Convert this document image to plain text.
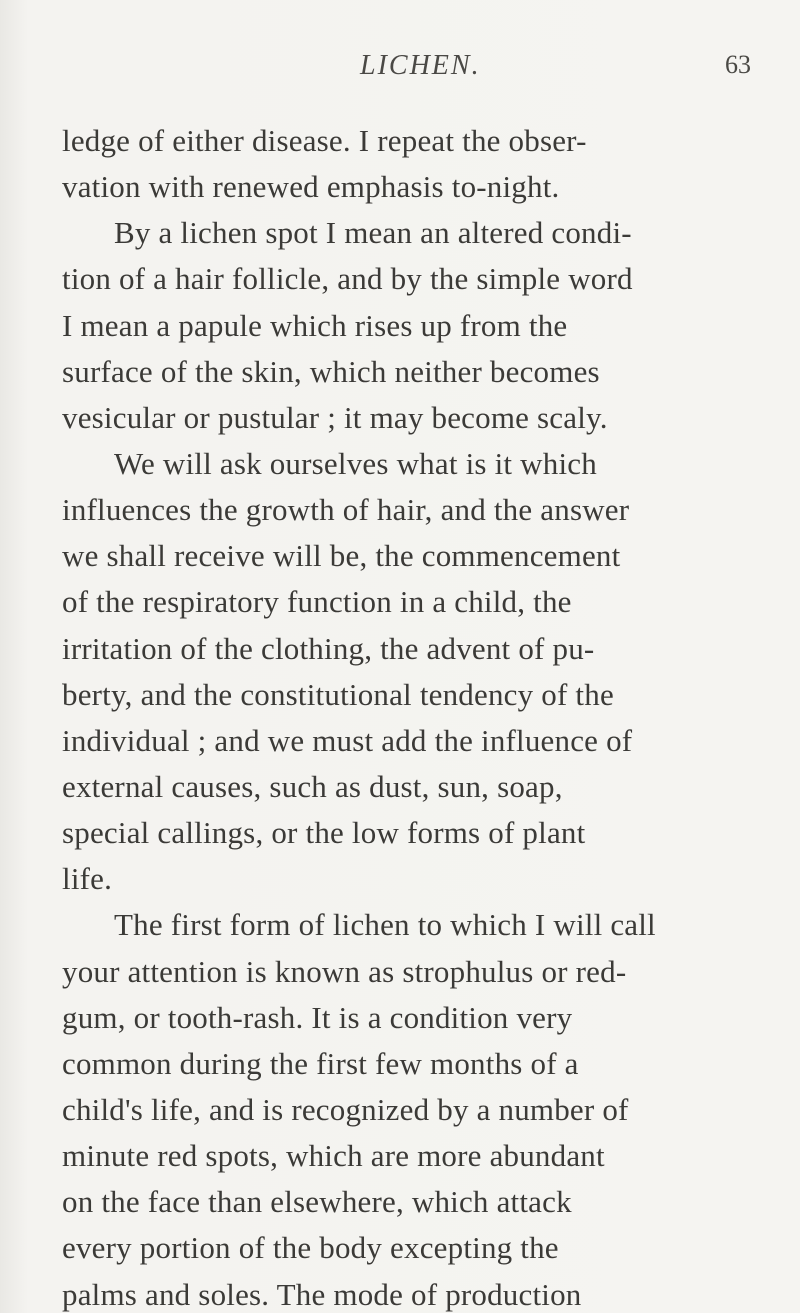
LICHEN.	63
ledge of either disease. I repeat the obser-
vation with renewed emphasis to-night.
By a lichen spot I mean an altered condi-
tion of a hair follicle, and by the simple word
I mean a papule which rises up from the
surface of the skin, which neither becomes
vesicular or pustular ; it may become scaly.
We will ask ourselves what is it which
influences the growth of hair, and the answer
we shall receive will be, the commencement
of the respiratory function in a child, the
irritation of the clothing, the advent of pu-
berty, and the constitutional tendency of the
individual ; and we must add the influence of
external causes, such as dust, sun, soap,
special callings, or the low forms of plant
life.
The first form of lichen to which I will call
your attention is known as strophulus or red-
gum, or tooth-rash. It is a condition very
common during the first few months of a
child's life, and is recognized by a number of
minute red spots, which are more abundant
on the face than elsewhere, which attack
every portion of the body excepting the
palms and soles. The mode of production
